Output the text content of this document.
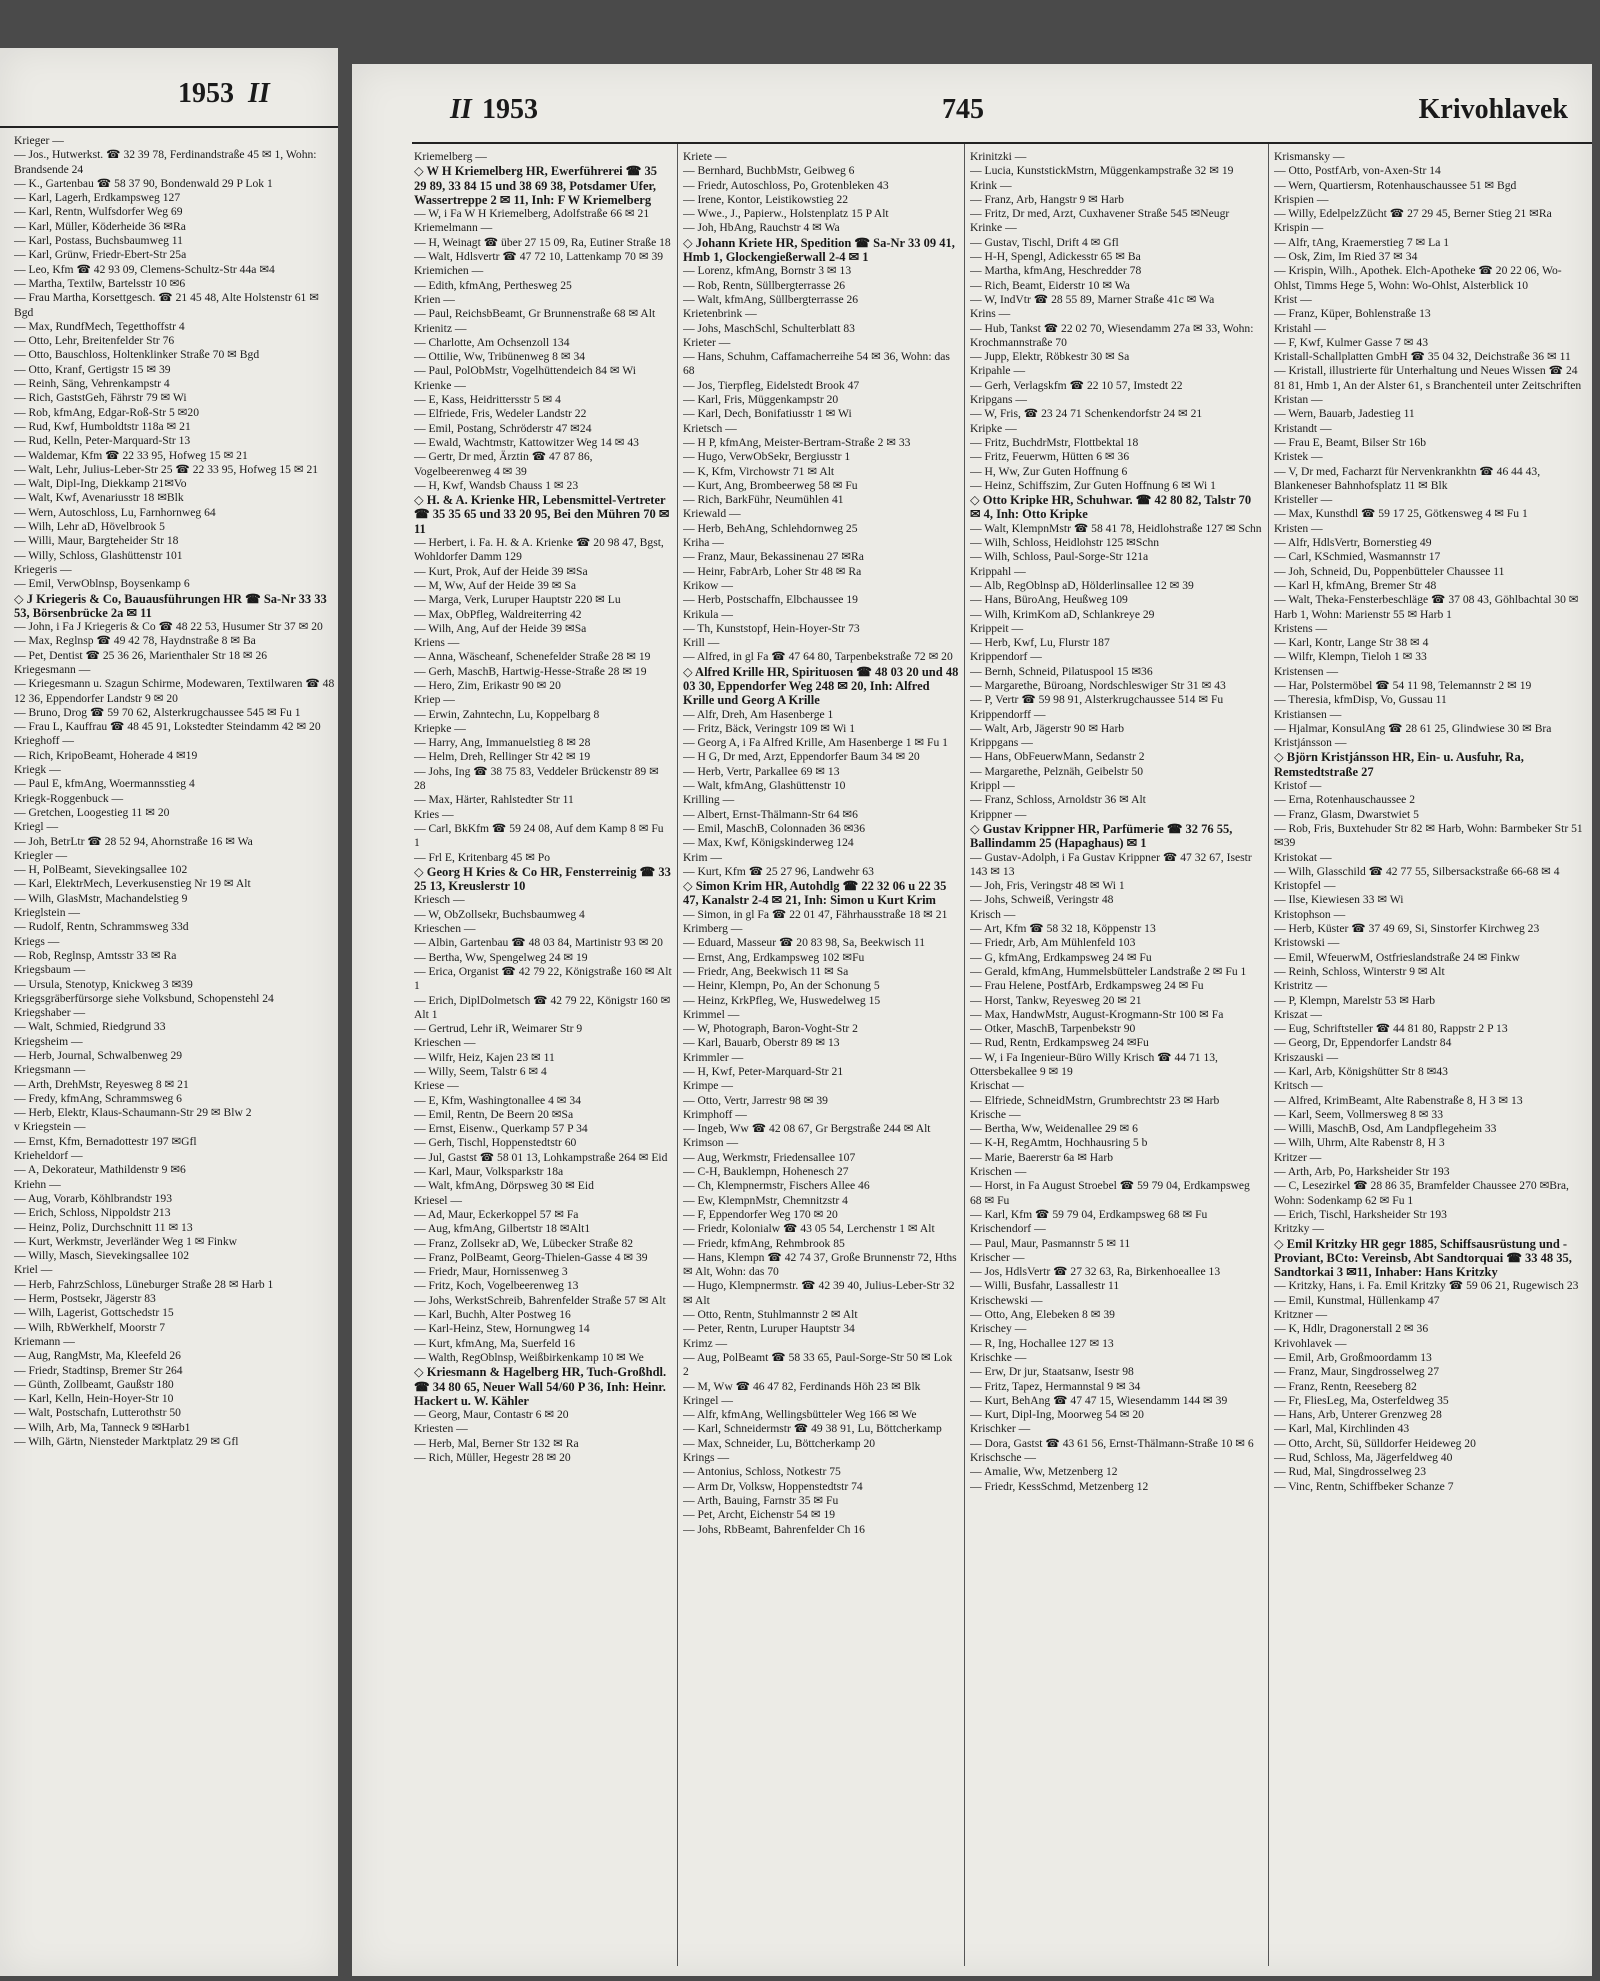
1953 II
Krieger —
— Jos., Hutwerkst. ☎ 32 39 78, Ferdinandstraße 45 ✉ 1, Wohn: Brandsende 24
— K., Gartenbau ☎ 58 37 90, Bondenwald 29 P Lok 1
— Karl, Lagerh, Erdkampsweg 127
— Karl, Rentn, Wulfsdorfer Weg 69
— Karl, Müller, Köderheide 36 ✉Ra
— Karl, Postass, Buchsbaumweg 11
— Karl, Grünw, Friedr-Ebert-Str 25a
— Leo, Kfm ☎ 42 93 09, Clemens-Schultz-Str 44a ✉4
— Martha, Textilw, Bartelsstr 10 ✉6
— Frau Martha, Korsettgesch. ☎ 21 45 48, Alte Holstenstr 61 ✉Bgd
— Max, RundfMech, Tegetthoffstr 4
— Otto, Lehr, Breitenfelder Str 76
— Otto, Bauschloss, Holtenklinker Straße 70 ✉ Bgd
— Otto, Kranf, Gertigstr 15 ✉ 39
— Reinh, Säng, Vehrenkampstr 4
— Rich, GaststGeh, Fährstr 79 ✉ Wi
— Rob, kfmAng, Edgar-Roß-Str 5 ✉20
— Rud, Kwf, Humboldtstr 118a ✉ 21
— Rud, Kelln, Peter-Marquard-Str 13
— Waldemar, Kfm ☎ 22 33 95, Hofweg 15 ✉ 21
— Walt, Lehr, Julius-Leber-Str 25 ☎ 22 33 95, Hofweg 15 ✉ 21
— Walt, Dipl-Ing, Diekkamp 21✉Vo
— Walt, Kwf, Avenariusstr 18 ✉Blk
— Wern, Autoschloss, Lu, Farnhornweg 64
— Wilh, Lehr aD, Hövelbrook 5
— Willi, Maur, Bargteheider Str 18
— Willy, Schloss, Glashüttenstr 101
Kriegeris —
— Emil, VerwOblnsp, Boysenkamp 6
◇ J Kriegeris & Co, Bauausführungen HR ☎ Sa-Nr 33 33 53, Börsenbrücke 2a ✉ 11
— John, i Fa J Kriegeris & Co ☎ 48 22 53, Husumer Str 37 ✉ 20
— Max, Reglnsp ☎ 49 42 78, Haydnstraße 8 ✉ Ba
— Pet, Dentist ☎ 25 36 26, Marienthaler Str 18 ✉ 26
Kriegesmann —
— Kriegesmann u. Szagun Schirme, Modewaren, Textilwaren ☎ 48 12 36, Eppendorfer Landstr 9 ✉ 20
— Bruno, Drog ☎ 59 70 62, Alsterkrugchaussee 545 ✉ Fu 1
— Frau L, Kauffrau ☎ 48 45 91, Lokstedter Steindamm 42 ✉ 20
Krieghoff —
— Rich, KripoBeamt, Hoherade 4 ✉19
Kriegk —
— Paul E, kfmAng, Woermannsstieg 4
Kriegk-Roggenbuck —
— Gretchen, Loogestieg 11 ✉ 20
Kriegl —
— Joh, BetrLtr ☎ 28 52 94, Ahornstraße 16 ✉ Wa
Kriegler —
— H, PolBeamt, Sievekingsallee 102
— Karl, ElektrMech, Leverkusenstieg Nr 19 ✉ Alt
— Wilh, GlasMstr, Machandelstieg 9
Krieglstein —
— Rudolf, Rentn, Schrammsweg 33d
Kriegs —
— Rob, Reglnsp, Amtsstr 33 ✉ Ra
Kriegsbaum —
— Ursula, Stenotyp, Knickweg 3 ✉39
Kriegsgräberfürsorge siehe Volksbund, Schopenstehl 24
Kriegshaber —
— Walt, Schmied, Riedgrund 33
Kriegsheim —
— Herb, Journal, Schwalbenweg 29
Kriegsmann —
— Arth, DrehMstr, Reyesweg 8 ✉ 21
— Fredy, kfmAng, Schrammsweg 6
— Herb, Elektr, Klaus-Schaumann-Str 29 ✉ Blw 2
v Kriegstein —
— Ernst, Kfm, Bernadottestr 197 ✉Gfl
Krieheldorf —
— A, Dekorateur, Mathildenstr 9 ✉6
Kriehn —
— Aug, Vorarb, Köhlbrandstr 193
— Erich, Schloss, Nippoldstr 213
— Heinz, Poliz, Durchschnitt 11 ✉ 13
— Kurt, Werkmstr, Jeverländer Weg 1 ✉ Finkw
— Willy, Masch, Sievekingsallee 102
Kriel —
— Herb, FahrzSchloss, Lüneburger Straße 28 ✉ Harb 1
— Herm, Postsekr, Jägerstr 83
— Wilh, Lagerist, Gottschedstr 15
— Wilh, RbWerkhelf, Moorstr 7
Kriemann —
— Aug, RangMstr, Ma, Kleefeld 26
— Friedr, Stadtinsp, Bremer Str 264
— Günth, Zollbeamt, Gaußstr 180
— Karl, Kelln, Hein-Hoyer-Str 10
— Walt, Postschafn, Lutterothstr 50
— Wilh, Arb, Ma, Tanneck 9 ✉Harb1
— Wilh, Gärtn, Niensteder Marktplatz 29 ✉ Gfl
II 1953	745	Krivohlavek
Kriemelberg —
◇ W H Kriemelberg HR, Ewerführerei ☎ 35 29 89, 33 84 15 und 38 69 38, Potsdamer Ufer, Wassertreppe 2 ✉ 11, Inh: F W Kriemelberg
— W, i Fa W H Kriemelberg, Adolfstraße 66 ✉ 21
Kriemelmann —
— H, Weinagt ☎ über 27 15 09, Ra, Eutiner Straße 18
— Walt, Hdlsvertr ☎ 47 72 10, Lattenkamp 70 ✉ 39
Kriemichen —
— Edith, kfmAng, Perthesweg 25
Krien —
— Paul, ReichsbBeamt, Gr Brunnenstraße 68 ✉ Alt
Krienitz —
— Charlotte, Am Ochsenzoll 134
— Ottilie, Ww, Tribünenweg 8 ✉ 34
— Paul, PolObMstr, Vogelhüttendeich 84 ✉ Wi
Krienke —
— E, Kass, Heidrittersstr 5 ✉ 4
— Elfriede, Fris, Wedeler Landstr 22
— Emil, Postang, Schröderstr 47 ✉24
— Ewald, Wachtmstr, Kattowitzer Weg 14 ✉ 43
— Gertr, Dr med, Ärztin ☎ 47 87 86, Vogelbeerenweg 4 ✉ 39
— H, Kwf, Wandsb Chauss 1 ✉ 23
◇ H. & A. Krienke HR, Lebensmittel-Vertreter ☎ 35 35 65 und 33 20 95, Bei den Mühren 70 ✉ 11
— Herbert, i. Fa. H. & A. Krienke ☎ 20 98 47, Bgst, Wohldorfer Damm 129
— Kurt, Prok, Auf der Heide 39 ✉Sa
— M, Ww, Auf der Heide 39 ✉ Sa
— Marga, Verk, Luruper Hauptstr 220 ✉ Lu
— Max, ObPfleg, Waldreiterring 42
— Wilh, Ang, Auf der Heide 39 ✉Sa
Kriens —
— Anna, Wäscheanf, Schenefelder Straße 28 ✉ 19
— Gerh, MaschB, Hartwig-Hesse-Straße 28 ✉ 19
— Hero, Zim, Erikastr 90 ✉ 20
Kriep —
— Erwin, Zahntechn, Lu, Koppelbarg 8
Kriepke —
— Harry, Ang, Immanuelstieg 8 ✉ 28
— Helm, Dreh, Rellinger Str 42 ✉ 19
— Johs, Ing ☎ 38 75 83, Veddeler Brückenstr 89 ✉ 28
— Max, Härter, Rahlstedter Str 11
Kries —
— Carl, BkKfm ☎ 59 24 08, Auf dem Kamp 8 ✉ Fu 1
— Frl E, Kritenbarg 45 ✉ Po
◇ Georg H Kries & Co HR, Fensterreinig ☎ 33 25 13, Kreuslerstr 10
Kriesch —
— W, ObZollsekr, Buchsbaumweg 4
Krieschen —
— Albin, Gartenbau ☎ 48 03 84, Martinistr 93 ✉ 20
— Bertha, Ww, Spengelweg 24 ✉ 19
— Erica, Organist ☎ 42 79 22, Königstraße 160 ✉ Alt 1
— Erich, DiplDolmetsch ☎ 42 79 22, Königstr 160 ✉ Alt 1
— Gertrud, Lehr iR, Weimarer Str 9
Krieschen —
— Wilfr, Heiz, Kajen 23 ✉ 11
— Willy, Seem, Talstr 6 ✉ 4
Kriese —
— E, Kfm, Washingtonallee 4 ✉ 34
— Emil, Rentn, De Beern 20 ✉Sa
— Ernst, Eisenw., Querkamp 57 P 34
— Gerh, Tischl, Hoppenstedtstr 60
— Jul, Gastst ☎ 58 01 13, Lohkampstraße 264 ✉ Eid
— Karl, Maur, Volksparkstr 18a
— Walt, kfmAng, Dörpsweg 30 ✉ Eid
Kriesel —
— Ad, Maur, Eckerkoppel 57 ✉ Fa
— Aug, kfmAng, Gilbertstr 18 ✉Alt1
— Franz, Zollsekr aD, We, Lübecker Straße 82
— Franz, PolBeamt, Georg-Thielen-Gasse 4 ✉ 39
— Friedr, Maur, Hornissenweg 3
— Fritz, Koch, Vogelbeerenweg 13
— Johs, WerkstSchreib, Bahrenfelder Straße 57 ✉ Alt
— Karl, Buchh, Alter Postweg 16
— Karl-Heinz, Stew, Hornungweg 14
— Kurt, kfmAng, Ma, Suerfeld 16
— Walth, RegOblnsp, Weißbirkenkamp 10 ✉ We
◇ Kriesmann & Hagelberg HR, Tuch-Großhdl. ☎ 34 80 65, Neuer Wall 54/60 P 36, Inh: Heinr. Hackert u. W. Kähler
— Georg, Maur, Contastr 6 ✉ 20
Kriesten —
— Herb, Mal, Berner Str 132 ✉ Ra
— Rich, Müller, Hegestr 28 ✉ 20
Kriete —
— Bernhard, BuchbMstr, Geibweg 6
— Friedr, Autoschloss, Po, Grotenbleken 43
— Irene, Kontor, Leistikowstieg 22
— Wwe., J., Papierw., Holstenplatz 15 P Alt
— Joh, HbAng, Rauchstr 4 ✉ Wa
◇ Johann Kriete HR, Spedition ☎ Sa-Nr 33 09 41, Hmb 1, Glockengießerwall 2-4 ✉ 1
— Lorenz, kfmAng, Bornstr 3 ✉ 13
— Rob, Rentn, Süllbergterrasse 26
— Walt, kfmAng, Süllbergterrasse 26
Krietenbrink —
— Johs, MaschSchl, Schulterblatt 83
Krieter —
— Hans, Schuhm, Caffamacherreihe 54 ✉ 36, Wohn: das 68
— Jos, Tierpfleg, Eidelstedt Brook 47
— Karl, Fris, Müggenkampstr 20
— Karl, Dech, Bonifatiusstr 1 ✉ Wi
Krietsch —
— H P, kfmAng, Meister-Bertram-Straße 2 ✉ 33
— Hugo, VerwObSekr, Bergiusstr 1
— K, Kfm, Virchowstr 71 ✉ Alt
— Kurt, Ang, Brombeerweg 58 ✉ Fu
— Rich, BarkFühr, Neumühlen 41
Kriewald —
— Herb, BehAng, Schlehdornweg 25
Kriha —
— Franz, Maur, Bekassinenau 27 ✉Ra
— Heinr, FabrArb, Loher Str 48 ✉ Ra
Krikow —
— Herb, Postschaffn, Elbchaussee 19
Krikula —
— Th, Kunststopf, Hein-Hoyer-Str 73
Krill —
— Alfred, in gl Fa ☎ 47 64 80, Tarpenbekstraße 72 ✉ 20
◇ Alfred Krille HR, Spirituosen ☎ 48 03 20 und 48 03 30, Eppendorfer Weg 248 ✉ 20, Inh: Alfred Krille und Georg A Krille
— Alfr, Dreh, Am Hasenberge 1
— Fritz, Bäck, Veringstr 109 ✉ Wi 1
— Georg A, i Fa Alfred Krille, Am Hasenberge 1 ✉ Fu 1
— H G, Dr med, Arzt, Eppendorfer Baum 34 ✉ 20
— Herb, Vertr, Parkallee 69 ✉ 13
— Walt, kfmAng, Glashüttenstr 10
Krilling —
— Albert, Ernst-Thälmann-Str 64 ✉6
— Emil, MaschB, Colonnaden 36 ✉36
— Max, Kwf, Königskinderweg 124
Krim —
— Kurt, Kfm ☎ 25 27 96, Landwehr 63
◇ Simon Krim HR, Autohdlg ☎ 22 32 06 u 22 35 47, Kanalstr 2-4 ✉ 21, Inh: Simon u Kurt Krim
— Simon, in gl Fa ☎ 22 01 47, Fährhausstraße 18 ✉ 21
Krimberg —
— Eduard, Masseur ☎ 20 83 98, Sa, Beekwisch 11
— Ernst, Ang, Erdkampsweg 102 ✉Fu
— Friedr, Ang, Beekwisch 11 ✉ Sa
— Heinr, Klempn, Po, An der Schonung 5
— Heinz, KrkPfleg, We, Huswedelweg 15
Krimmel —
— W, Photograph, Baron-Voght-Str 2
— Karl, Bauarb, Oberstr 89 ✉ 13
Krimmler —
— H, Kwf, Peter-Marquard-Str 21
Krimpe —
— Otto, Vertr, Jarrestr 98 ✉ 39
Krimphoff —
— Ingeb, Ww ☎ 42 08 67, Gr Bergstraße 244 ✉ Alt
Krimson —
— Aug, Werkmstr, Friedensallee 107
— C-H, Bauklempn, Hohenesch 27
— Ch, Klempnermstr, Fischers Allee 46
— Ew, KlempnMstr, Chemnitzstr 4
— F, Eppendorfer Weg 170 ✉ 20
— Friedr, Kolonialw ☎ 43 05 54, Lerchenstr 1 ✉ Alt
— Friedr, kfmAng, Rehmbrook 85
— Hans, Klempn ☎ 42 74 37, Große Brunnenstr 72, Hths ✉ Alt, Wohn: das 70
— Hugo, Klempnermstr. ☎ 42 39 40, Julius-Leber-Str 32 ✉ Alt
— Otto, Rentn, Stuhlmannstr 2 ✉ Alt
— Peter, Rentn, Luruper Hauptstr 34
Krimz —
— Aug, PolBeamt ☎ 58 33 65, Paul-Sorge-Str 50 ✉ Lok 2
— M, Ww ☎ 46 47 82, Ferdinands Höh 23 ✉ Blk
Kringel —
— Alfr, kfmAng, Wellingsbütteler Weg 166 ✉ We
— Karl, Schneidermstr ☎ 49 38 91, Lu, Böttcherkamp
— Max, Schneider, Lu, Böttcherkamp 20
Krings —
— Antonius, Schloss, Notkestr 75
— Arm Dr, Volksw, Hoppenstedtstr 74
— Arth, Bauing, Farnstr 35 ✉ Fu
— Pet, Archt, Eichenstr 54 ✉ 19
— Johs, RbBeamt, Bahrenfelder Ch 16
Krinitzki —
— Lucia, KunststickMstrn, Müggenkampstraße 32 ✉ 19
Krink —
— Franz, Arb, Hangstr 9 ✉ Harb
— Fritz, Dr med, Arzt, Cuxhavener Straße 545 ✉Neugr
Krinke —
— Gustav, Tischl, Drift 4 ✉ Gfl
— H-H, Spengl, Adickesstr 65 ✉ Ba
— Martha, kfmAng, Heschredder 78
— Rich, Beamt, Eiderstr 10 ✉ Wa
— W, IndVtr ☎ 28 55 89, Marner Straße 41c ✉ Wa
Krins —
— Hub, Tankst ☎ 22 02 70, Wiesendamm 27a ✉ 33, Wohn: Krochmannstraße 70
— Jupp, Elektr, Röbkestr 30 ✉ Sa
Kripahle —
— Gerh, Verlagskfm ☎ 22 10 57, Imstedt 22
Kripgans —
— W, Fris, ☎ 23 24 71 Schenkendorfstr 24 ✉ 21
Kripke —
— Fritz, BuchdrMstr, Flottbektal 18
— Fritz, Feuerwm, Hütten 6 ✉ 36
— H, Ww, Zur Guten Hoffnung 6
— Heinz, Schiffszim, Zur Guten Hoffnung 6 ✉ Wi 1
◇ Otto Kripke HR, Schuhwar. ☎ 42 80 82, Talstr 70 ✉ 4, Inh: Otto Kripke
— Walt, KlempnMstr ☎ 58 41 78, Heidlohstraße 127 ✉ Schn
— Wilh, Schloss, Heidlohstr 125 ✉Schn
— Wilh, Schloss, Paul-Sorge-Str 121a
Krippahl —
— Alb, RegOblnsp aD, Hölderlinsallee 12 ✉ 39
— Hans, BüroAng, Heußweg 109
— Wilh, KrimKom aD, Schlankreye 29
Krippeit —
— Herb, Kwf, Lu, Flurstr 187
Krippendorf —
— Bernh, Schneid, Pilatuspool 15 ✉36
— Margarethe, Büroang, Nordschleswiger Str 31 ✉ 43
— P, Vertr ☎ 59 98 91, Alsterkrugchaussee 514 ✉ Fu
Krippendorff —
— Walt, Arb, Jägerstr 90 ✉ Harb
Krippgans —
— Hans, ObFeuerwMann, Sedanstr 2
— Margarethe, Pelznäh, Geibelstr 50
Krippl —
— Franz, Schloss, Arnoldstr 36 ✉ Alt
Krippner —
◇ Gustav Krippner HR, Parfümerie ☎ 32 76 55, Ballindamm 25 (Hapaghaus) ✉ 1
— Gustav-Adolph, i Fa Gustav Krippner ☎ 47 32 67, Isestr 143 ✉ 13
— Joh, Fris, Veringstr 48 ✉ Wi 1
— Johs, Schweiß, Veringstr 48
Krisch —
— Art, Kfm ☎ 58 32 18, Köppenstr 13
— Friedr, Arb, Am Mühlenfeld 103
— G, kfmAng, Erdkampsweg 24 ✉ Fu
— Gerald, kfmAng, Hummelsbütteler Landstraße 2 ✉ Fu 1
— Frau Helene, PostfArb, Erdkampsweg 24 ✉ Fu
— Horst, Tankw, Reyesweg 20 ✉ 21
— Max, HandwMstr, August-Krogmann-Str 100 ✉ Fa
— Otker, MaschB, Tarpenbekstr 90
— Rud, Rentn, Erdkampsweg 24 ✉Fu
— W, i Fa Ingenieur-Büro Willy Krisch ☎ 44 71 13, Ottersbekallee 9 ✉ 19
Krischat —
— Elfriede, SchneidMstrn, Grumbrechtstr 23 ✉ Harb
Krische —
— Bertha, Ww, Weidenallee 29 ✉ 6
— K-H, RegAmtm, Hochhausring 5 b
— Marie, Baererstr 6a ✉ Harb
Krischen —
— Horst, in Fa August Stroebel ☎ 59 79 04, Erdkampsweg 68 ✉ Fu
— Karl, Kfm ☎ 59 79 04, Erdkampsweg 68 ✉ Fu
Krischendorf —
— Paul, Maur, Pasmannstr 5 ✉ 11
Krischer —
— Jos, HdlsVertr ☎ 27 32 63, Ra, Birkenhoeallee 13
— Willi, Busfahr, Lassallestr 11
Krischewski —
— Otto, Ang, Elebeken 8 ✉ 39
Krischey —
— R, Ing, Hochallee 127 ✉ 13
Krischke —
— Erw, Dr jur, Staatsanw, Isestr 98
— Fritz, Tapez, Hermannstal 9 ✉ 34
— Kurt, BehAng ☎ 47 47 15, Wiesendamm 144 ✉ 39
— Kurt, Dipl-Ing, Moorweg 54 ✉ 20
Krischker —
— Dora, Gastst ☎ 43 61 56, Ernst-Thälmann-Straße 10 ✉ 6
Krischsche —
— Amalie, Ww, Metzenberg 12
— Friedr, KessSchmd, Metzenberg 12
Krismansky —
— Otto, PostfArb, von-Axen-Str 14
— Wern, Quartiersm, Rotenhauschaussee 51 ✉ Bgd
Krispien —
— Willy, EdelpelzZücht ☎ 27 29 45, Berner Stieg 21 ✉Ra
Krispin —
— Alfr, tAng, Kraemerstieg 7 ✉ La 1
— Osk, Zim, Im Ried 37 ✉ 34
— Krispin, Wilh., Apothek. Elch-Apotheke ☎ 20 22 06, Wo-Ohlst, Timms Hege 5, Wohn: Wo-Ohlst, Alsterblick 10
Krist —
— Franz, Küper, Bohlenstraße 13
Kristahl —
— F, Kwf, Kulmer Gasse 7 ✉ 43
Kristall-Schallplatten GmbH ☎ 35 04 32, Deichstraße 36 ✉ 11
— Kristall, illustrierte für Unterhaltung und Neues Wissen ☎ 24 81 81, Hmb 1, An der Alster 61, s Branchenteil unter Zeitschriften
Kristan —
— Wern, Bauarb, Jadestieg 11
Kristandt —
— Frau E, Beamt, Bilser Str 16b
Kristek —
— V, Dr med, Facharzt für Nervenkrankhtn ☎ 46 44 43, Blankeneser Bahnhofsplatz 11 ✉ Blk
Kristeller —
— Max, Kunsthdl ☎ 59 17 25, Götkensweg 4 ✉ Fu 1
Kristen —
— Alfr, HdlsVertr, Bornerstieg 49
— Carl, KSchmied, Wasmannstr 17
— Joh, Schneid, Du, Poppenbütteler Chaussee 11
— Karl H, kfmAng, Bremer Str 48
— Walt, Theka-Fensterbeschläge ☎ 37 08 43, Göhlbachtal 30 ✉ Harb 1, Wohn: Marienstr 55 ✉ Harb 1
Kristens —
— Karl, Kontr, Lange Str 38 ✉ 4
— Wilfr, Klempn, Tieloh 1 ✉ 33
Kristensen —
— Har, Polstermöbel ☎ 54 11 98, Telemannstr 2 ✉ 19
— Theresia, kfmDisp, Vo, Gussau 11
Kristiansen —
— Hjalmar, KonsulAng ☎ 28 61 25, Glindwiese 30 ✉ Bra
Kristjánsson —
◇ Björn Kristjánsson HR, Ein- u. Ausfuhr, Ra, Remstedtstraße 27
Kristof —
— Erna, Rotenhauschaussee 2
— Franz, Glasm, Dwarstwiet 5
— Rob, Fris, Buxtehuder Str 82 ✉ Harb, Wohn: Barmbeker Str 51 ✉39
Kristokat —
— Wilh, Glasschild ☎ 42 77 55, Silbersackstraße 66-68 ✉ 4
Kristopfel —
— Ilse, Kiewiesen 33 ✉ Wi
Kristophson —
— Herb, Küster ☎ 37 49 69, Si, Sinstorfer Kirchweg 23
Kristowski —
— Emil, WfeuerwM, Ostfrieslandstraße 24 ✉ Finkw
— Reinh, Schloss, Winterstr 9 ✉ Alt
Kristritz —
— P, Klempn, Marelstr 53 ✉ Harb
Kriszat —
— Eug, Schriftsteller ☎ 44 81 80, Rappstr 2 P 13
— Georg, Dr, Eppendorfer Landstr 84
Kriszauski —
— Karl, Arb, Königshütter Str 8 ✉43
Kritsch —
— Alfred, KrimBeamt, Alte Rabenstraße 8, H 3 ✉ 13
— Karl, Seem, Vollmersweg 8 ✉ 33
— Willi, MaschB, Osd, Am Landpflegeheim 33
— Wilh, Uhrm, Alte Rabenstr 8, H 3
Kritzer —
— Arth, Arb, Po, Harksheider Str 193
— C, Lesezirkel ☎ 28 86 35, Bramfelder Chaussee 270 ✉Bra, Wohn: Sodenkamp 62 ✉ Fu 1
— Erich, Tischl, Harksheider Str 193
Kritzky —
◇ Emil Kritzky HR gegr 1885, Schiffsausrüstung und -Proviant, BCto: Vereinsb, Abt Sandtorquai ☎ 33 48 35, Sandtorkai 3 ✉11, Inhaber: Hans Kritzky
— Kritzky, Hans, i. Fa. Emil Kritzky ☎ 59 06 21, Rugewisch 23
— Emil, Kunstmal, Hüllenkamp 47
Kritzner —
— K, Hdlr, Dragonerstall 2 ✉ 36
Krivohlavek —
— Emil, Arb, Großmoordamm 13
— Franz, Maur, Singdrosselweg 27
— Franz, Rentn, Reeseberg 82
— Fr, FliesLeg, Ma, Osterfeldweg 35
— Hans, Arb, Unterer Grenzweg 28
— Karl, Mal, Kirchlinden 43
— Otto, Archt, Sü, Sülldorfer Heideweg 20
— Rud, Schloss, Ma, Jägerfeldweg 40
— Rud, Mal, Singdrosselweg 23
— Vinc, Rentn, Schiffbeker Schanze 7
